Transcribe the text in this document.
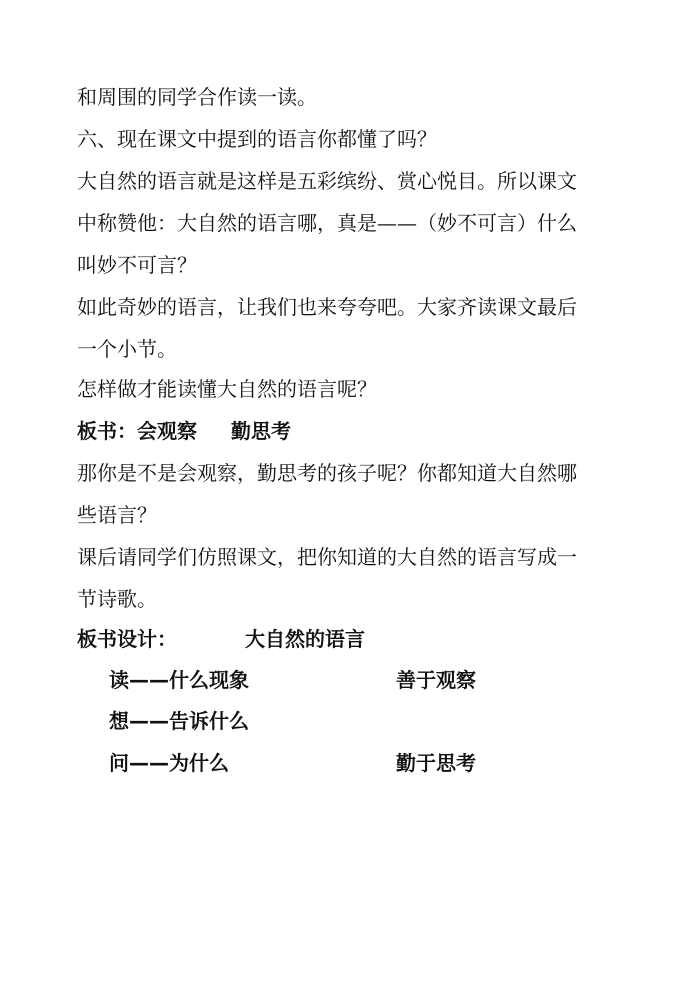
和周围的同学合作读一读。
六、现在课文中提到的语言你都懂了吗？
大自然的语言就是这样是五彩缤纷、赏心悦目。所以课文
中称赞他：大自然的语言哪，真是——（妙不可言）什么
叫妙不可言？
如此奇妙的语言，让我们也来夸夸吧。大家齐读课文最后
一个小节。
怎样做才能读懂大自然的语言呢？
板书：会观察 勤思考
那你是不是会观察，勤思考的孩子呢？你都知道大自然哪
些语言？
课后请同学们仿照课文，把你知道的大自然的语言写成一
节诗歌。
板书设计：	大自然的语言
读——什么现象	善于观察
想——告诉什么
问——为什么	勤于思考
